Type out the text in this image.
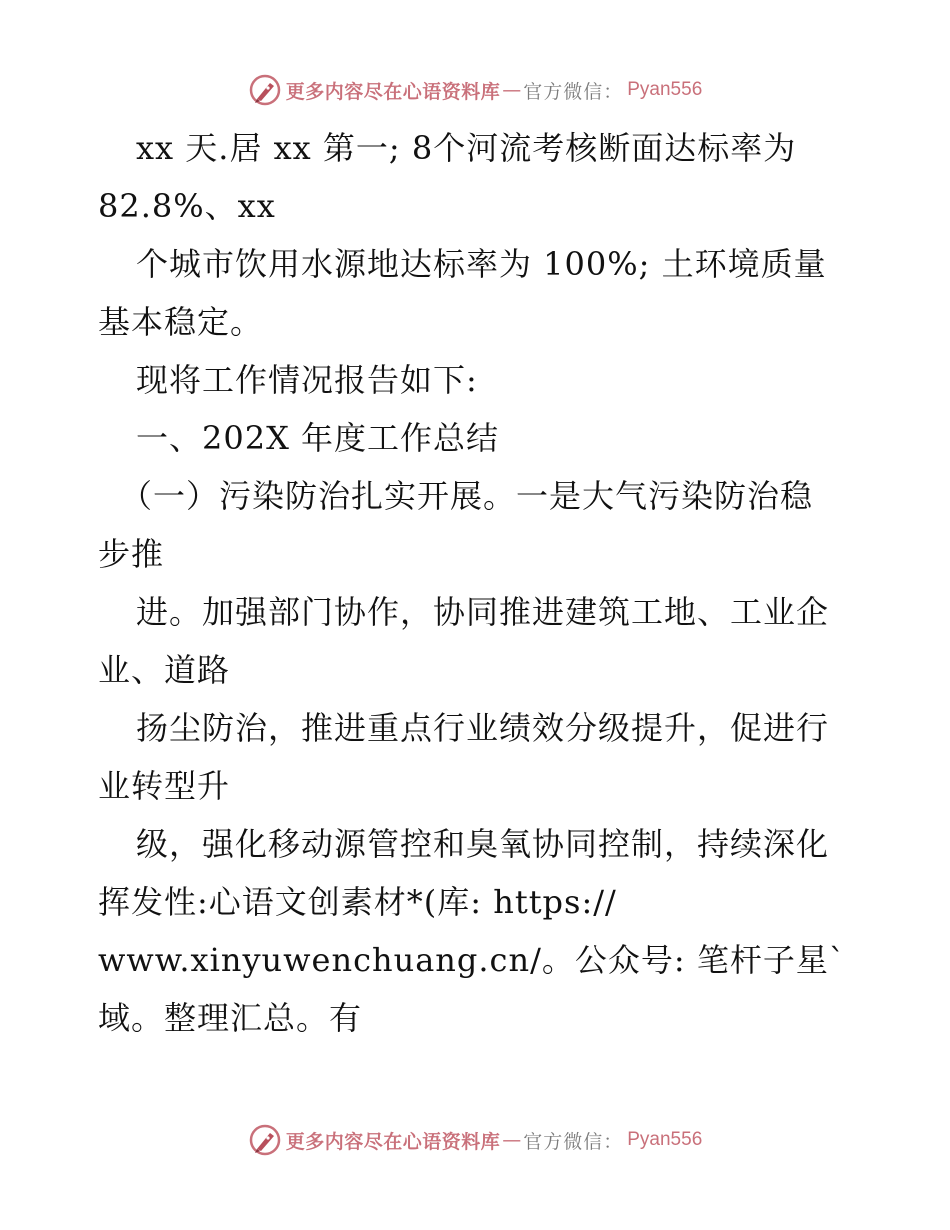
更多内容尽在心语资料库 — 官方微信： Pyan556
xx 天.居 xx 第一; 8个河流考核断面达标率为
82.8%、xx
个城市饮用水源地达标率为 100%; 土环境质量
基本稳定。
现将工作情况报告如下:
一、202X 年度工作总结
（一）污染防治扎实开展。一是大气污染防治稳
步推
进。加强部门协作，协同推进建筑工地、工业企
业、道路
扬尘防治，推进重点行业绩效分级提升，促进行
业转型升
级，强化移动源管控和臭氧协同控制，持续深化
挥发性:心语文创素材*(库: https://
www.xinyuwenchuang.cn/。公众号: 笔杆子星`
域。整理汇总。有
更多内容尽在心语资料库 — 官方微信： Pyan556
